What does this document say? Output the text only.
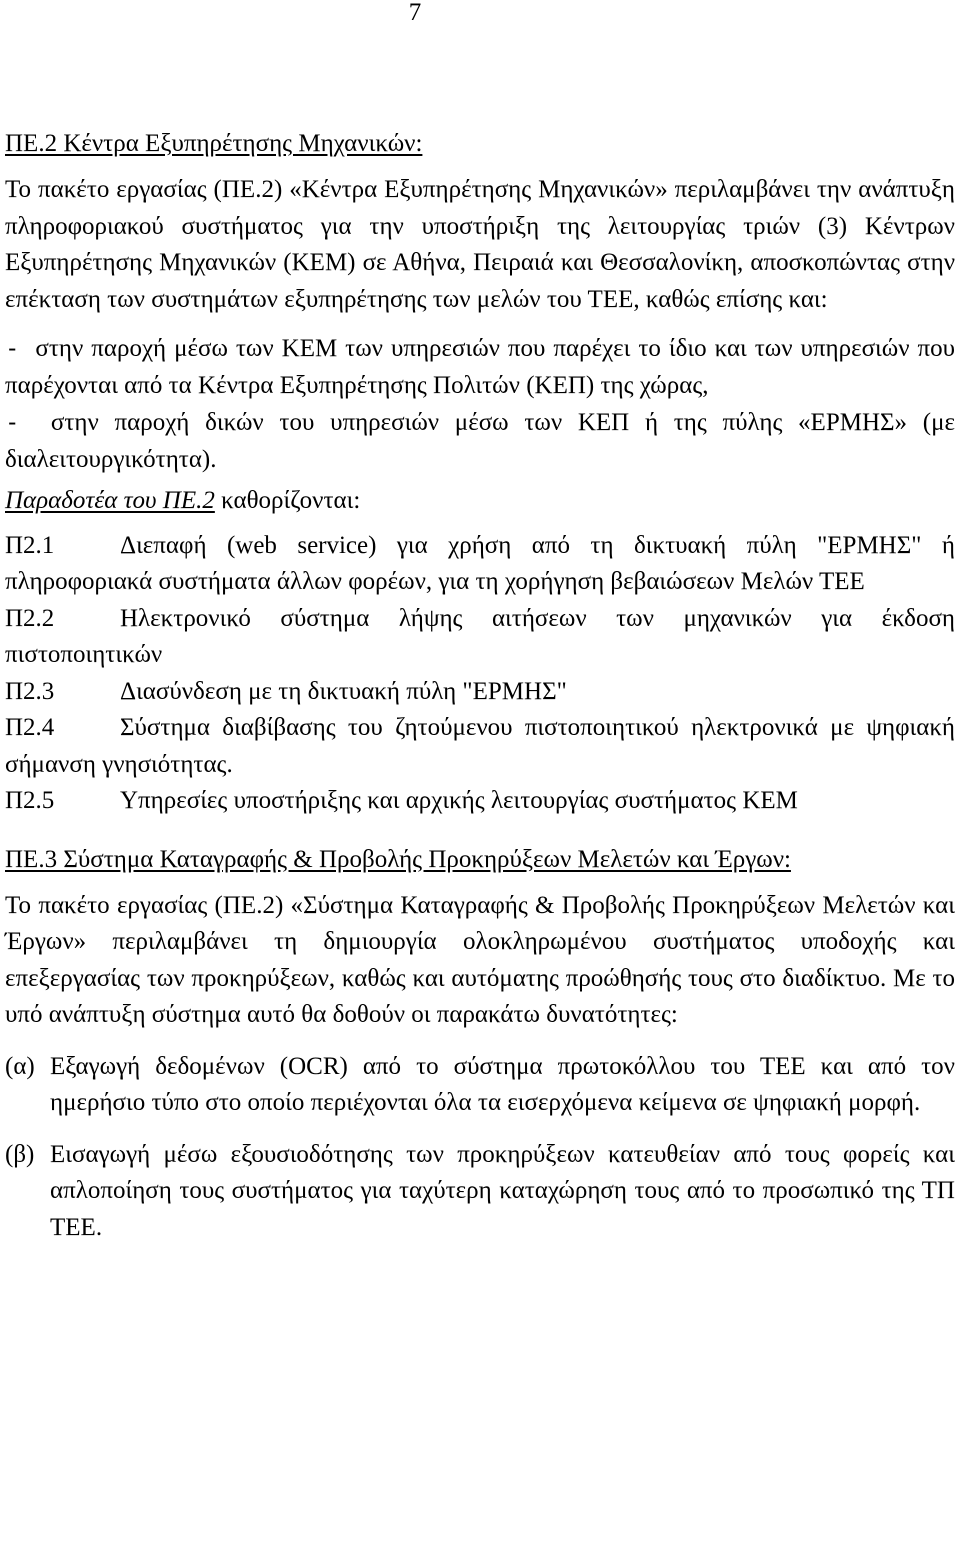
7
ΠΕ.2 Κέντρα Εξυπηρέτησης Μηχανικών:

Το πακέτο εργασίας (ΠΕ.2) «Κέντρα Εξυπηρέτησης Μηχανικών» περιλαμβάνει την ανάπτυξη πληροφοριακού συστήματος για την υποστήριξη της λειτουργίας τριών (3) Κέντρων Εξυπηρέτησης Μηχανικών (ΚΕΜ) σε Αθήνα, Πειραιά και Θεσσαλονίκη, αποσκοπώντας στην επέκταση των συστημάτων εξυπηρέτησης των μελών του ΤΕΕ, καθώς επίσης και:

- στην παροχή μέσω των ΚΕΜ των υπηρεσιών που παρέχει το ίδιο και των υπηρεσιών που παρέχονται από τα Κέντρα Εξυπηρέτησης Πολιτών (ΚΕΠ) της χώρας,

- στην παροχή δικών του υπηρεσιών μέσω των ΚΕΠ ή της πύλης «ΕΡΜΗΣ» (με διαλειτουργικότητα).

Παραδοτέα του ΠΕ.2 καθορίζονται:

Π2.1	Διεπαφή (web service) για χρήση από τη δικτυακή πύλη "ΕΡΜΗΣ" ή πληροφοριακά συστήματα άλλων φορέων, για τη χορήγηση βεβαιώσεων Μελών ΤΕΕ

Π2.2	Ηλεκτρονικό σύστημα λήψης αιτήσεων των μηχανικών για έκδοση πιστοποιητικών

Π2.3	Διασύνδεση με τη δικτυακή πύλη "ΕΡΜΗΣ"
Π2.4	Σύστημα διαβίβασης του ζητούμενου πιστοποιητικού ηλεκτρονικά με ψηφιακή σήμανση γνησιότητας.

Π2.5	Υπηρεσίες υποστήριξης και αρχικής λειτουργίας συστήματος ΚΕΜ

ΠΕ.3 Σύστημα Καταγραφής & Προβολής Προκηρύξεων Μελετών και Έργων:

Το πακέτο εργασίας (ΠΕ.2) «Σύστημα Καταγραφής & Προβολής Προκηρύξεων Μελετών και Έργων» περιλαμβάνει τη δημιουργία ολοκληρωμένου συστήματος υποδοχής και επεξεργασίας των προκηρύξεων, καθώς και αυτόματης προώθησής τους στο διαδίκτυο. Με το υπό ανάπτυξη σύστημα αυτό θα δοθούν οι παρακάτω δυνατότητες:

(α) Εξαγωγή δεδομένων (OCR) από το σύστημα πρωτοκόλλου του ΤΕΕ και από τον ημερήσιο τύπο στο οποίο περιέχονται όλα τα εισερχόμενα κείμενα σε ψηφιακή μορφή.
(β) Εισαγωγή μέσω εξουσιοδότησης των προκηρύξεων κατευθείαν από τους φορείς και απλοποίηση τους συστήματος για ταχύτερη καταχώρηση τους από το προσωπικό της ΤΠ ΤΕΕ.
